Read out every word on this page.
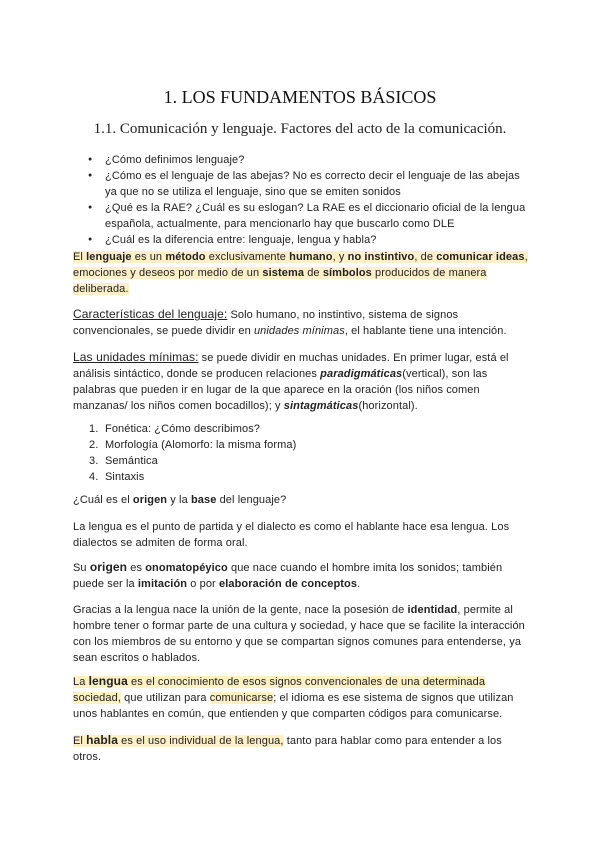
1. LOS FUNDAMENTOS BÁSICOS
1.1. Comunicación y lenguaje. Factores del acto de la comunicación.
● ¿Cómo definimos lenguaje?
● ¿Cómo es el lenguaje de las abejas? No es correcto decir el lenguaje de las abejas ya que no se utiliza el lenguaje, sino que se emiten sonidos
● ¿Qué es la RAE? ¿Cuál es su eslogan? La RAE es el diccionario oficial de la lengua española, actualmente, para mencionarlo hay que buscarlo como DLE
● ¿Cuál es la diferencia entre: lenguaje, lengua y habla?

El lenguaje es un método exclusivamente humano, y no instintivo, de comunicar ideas, emociones y deseos por medio de un sistema de símbolos producidos de manera deliberada.

Características del lenguaje: Solo humano, no instintivo, sistema de signos convencionales, se puede dividir en unidades mínimas, el hablante tiene una intención.

Las unidades mínimas: se puede dividir en muchas unidades. En primer lugar, está el análisis sintáctico, donde se producen relaciones paradigmáticas(vertical), son las palabras que pueden ir en lugar de la que aparece en la oración (los niños comen manzanas/ los niños comen bocadillos); y sintagmáticas(horizontal).

1. Fonética: ¿Cómo describimos?
2. Morfología (Alomorfo: la misma forma)
3. Semántica
4. Sintaxis

¿Cuál es el origen y la base del lenguaje?

La lengua es el punto de partida y el dialecto es como el hablante hace esa lengua. Los dialectos se admiten de forma oral.

Su origen es onomatopéyico que nace cuando el hombre imita los sonidos; también puede ser la imitación o por elaboración de conceptos.

Gracias a la lengua nace la unión de la gente, nace la posesión de identidad, permite al hombre tener o formar parte de una cultura y sociedad, y hace que se facilite la interacción con los miembros de su entorno y que se compartan signos comunes para entenderse, ya sean escritos o hablados.

La lengua es el conocimiento de esos signos convencionales de una determinada sociedad, que utilizan para comunicarse; el idioma es ese sistema de signos que utilizan unos hablantes en común, que entienden y que comparten códigos para comunicarse.

El habla es el uso individual de la lengua, tanto para hablar como para entender a los otros.
